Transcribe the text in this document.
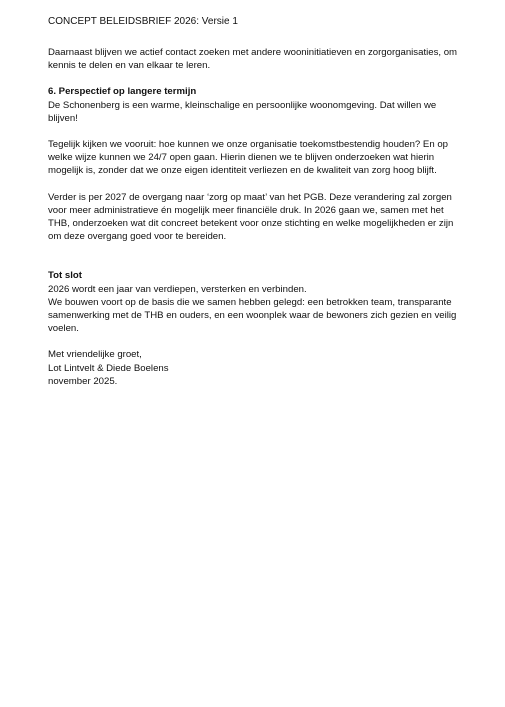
CONCEPT BELEIDSBRIEF 2026: Versie 1

Daarnaast blijven we actief contact zoeken met andere wooninitiatieven en zorgorganisaties, om kennis te delen en van elkaar te leren.

6. Perspectief op langere termijn
De Schonenberg is een warme, kleinschalige en persoonlijke woonomgeving. Dat willen we blijven!

Tegelijk kijken we vooruit: hoe kunnen we onze organisatie toekomstbestendig houden? En op welke wijze kunnen we 24/7 open gaan. Hierin dienen we te blijven onderzoeken wat hierin mogelijk is, zonder dat we onze eigen identiteit verliezen en de kwaliteit van zorg hoog blijft.

Verder is per 2027 de overgang naar ‘zorg op maat’ van het PGB. Deze verandering zal zorgen voor meer administratieve én mogelijk meer financiële druk. In 2026 gaan we, samen met het THB, onderzoeken wat dit concreet betekent voor onze stichting en welke mogelijkheden er zijn om deze overgang goed voor te bereiden.

Tot slot
2026 wordt een jaar van verdiepen, versterken en verbinden.
We bouwen voort op de basis die we samen hebben gelegd: een betrokken team, transparante samenwerking met de THB en ouders, en een woonplek waar de bewoners zich gezien en veilig voelen.

Met vriendelijke groet,
Lot Lintvelt & Diede Boelens
november 2025.
